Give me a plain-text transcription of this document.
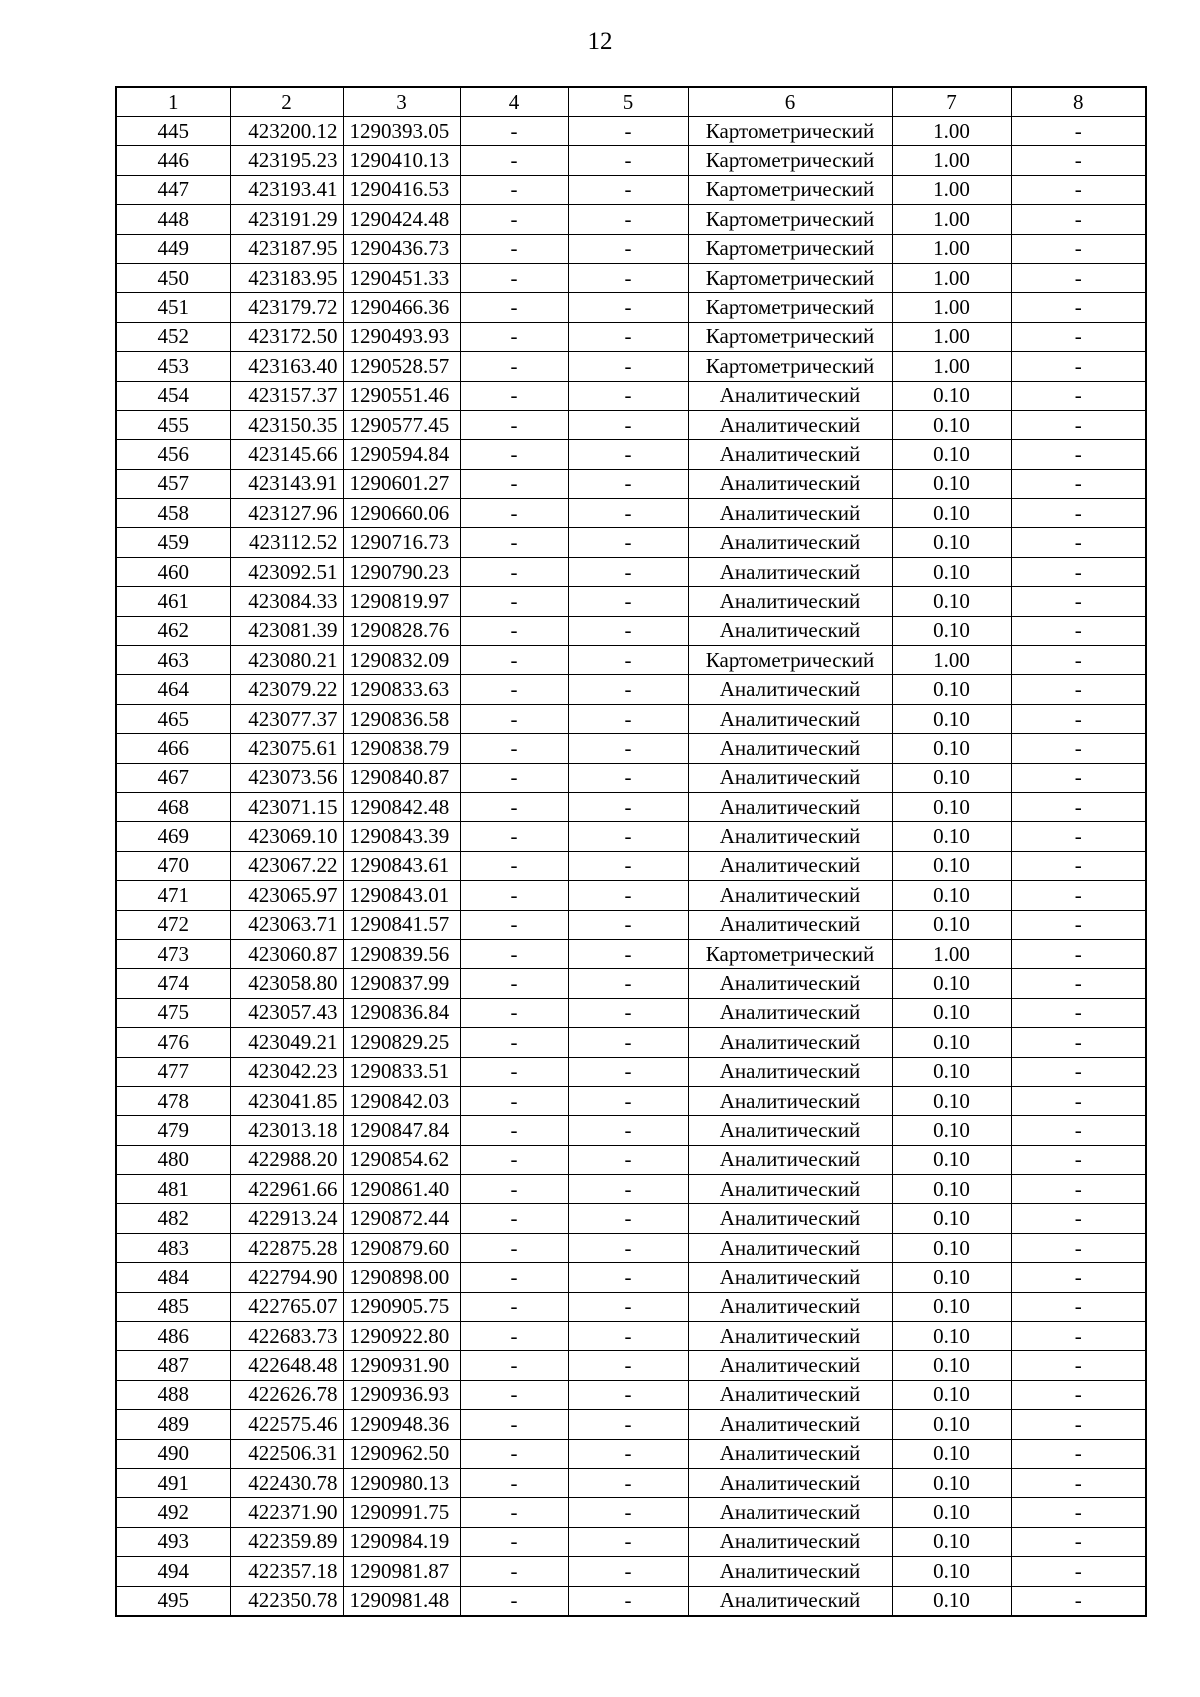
12
1	2	3	4	5	6	7	8
445	423200.12	1290393.05	-	-	Картометрический	1.00	-
446	423195.23	1290410.13	-	-	Картометрический	1.00	-
447	423193.41	1290416.53	-	-	Картометрический	1.00	-
448	423191.29	1290424.48	-	-	Картометрический	1.00	-
449	423187.95	1290436.73	-	-	Картометрический	1.00	-
450	423183.95	1290451.33	-	-	Картометрический	1.00	-
451	423179.72	1290466.36	-	-	Картометрический	1.00	-
452	423172.50	1290493.93	-	-	Картометрический	1.00	-
453	423163.40	1290528.57	-	-	Картометрический	1.00	-
454	423157.37	1290551.46	-	-	Аналитический	0.10	-
455	423150.35	1290577.45	-	-	Аналитический	0.10	-
456	423145.66	1290594.84	-	-	Аналитический	0.10	-
457	423143.91	1290601.27	-	-	Аналитический	0.10	-
458	423127.96	1290660.06	-	-	Аналитический	0.10	-
459	423112.52	1290716.73	-	-	Аналитический	0.10	-
460	423092.51	1290790.23	-	-	Аналитический	0.10	-
461	423084.33	1290819.97	-	-	Аналитический	0.10	-
462	423081.39	1290828.76	-	-	Аналитический	0.10	-
463	423080.21	1290832.09	-	-	Картометрический	1.00	-
464	423079.22	1290833.63	-	-	Аналитический	0.10	-
465	423077.37	1290836.58	-	-	Аналитический	0.10	-
466	423075.61	1290838.79	-	-	Аналитический	0.10	-
467	423073.56	1290840.87	-	-	Аналитический	0.10	-
468	423071.15	1290842.48	-	-	Аналитический	0.10	-
469	423069.10	1290843.39	-	-	Аналитический	0.10	-
470	423067.22	1290843.61	-	-	Аналитический	0.10	-
471	423065.97	1290843.01	-	-	Аналитический	0.10	-
472	423063.71	1290841.57	-	-	Аналитический	0.10	-
473	423060.87	1290839.56	-	-	Картометрический	1.00	-
474	423058.80	1290837.99	-	-	Аналитический	0.10	-
475	423057.43	1290836.84	-	-	Аналитический	0.10	-
476	423049.21	1290829.25	-	-	Аналитический	0.10	-
477	423042.23	1290833.51	-	-	Аналитический	0.10	-
478	423041.85	1290842.03	-	-	Аналитический	0.10	-
479	423013.18	1290847.84	-	-	Аналитический	0.10	-
480	422988.20	1290854.62	-	-	Аналитический	0.10	-
481	422961.66	1290861.40	-	-	Аналитический	0.10	-
482	422913.24	1290872.44	-	-	Аналитический	0.10	-
483	422875.28	1290879.60	-	-	Аналитический	0.10	-
484	422794.90	1290898.00	-	-	Аналитический	0.10	-
485	422765.07	1290905.75	-	-	Аналитический	0.10	-
486	422683.73	1290922.80	-	-	Аналитический	0.10	-
487	422648.48	1290931.90	-	-	Аналитический	0.10	-
488	422626.78	1290936.93	-	-	Аналитический	0.10	-
489	422575.46	1290948.36	-	-	Аналитический	0.10	-
490	422506.31	1290962.50	-	-	Аналитический	0.10	-
491	422430.78	1290980.13	-	-	Аналитический	0.10	-
492	422371.90	1290991.75	-	-	Аналитический	0.10	-
493	422359.89	1290984.19	-	-	Аналитический	0.10	-
494	422357.18	1290981.87	-	-	Аналитический	0.10	-
495	422350.78	1290981.48	-	-	Аналитический	0.10	-
